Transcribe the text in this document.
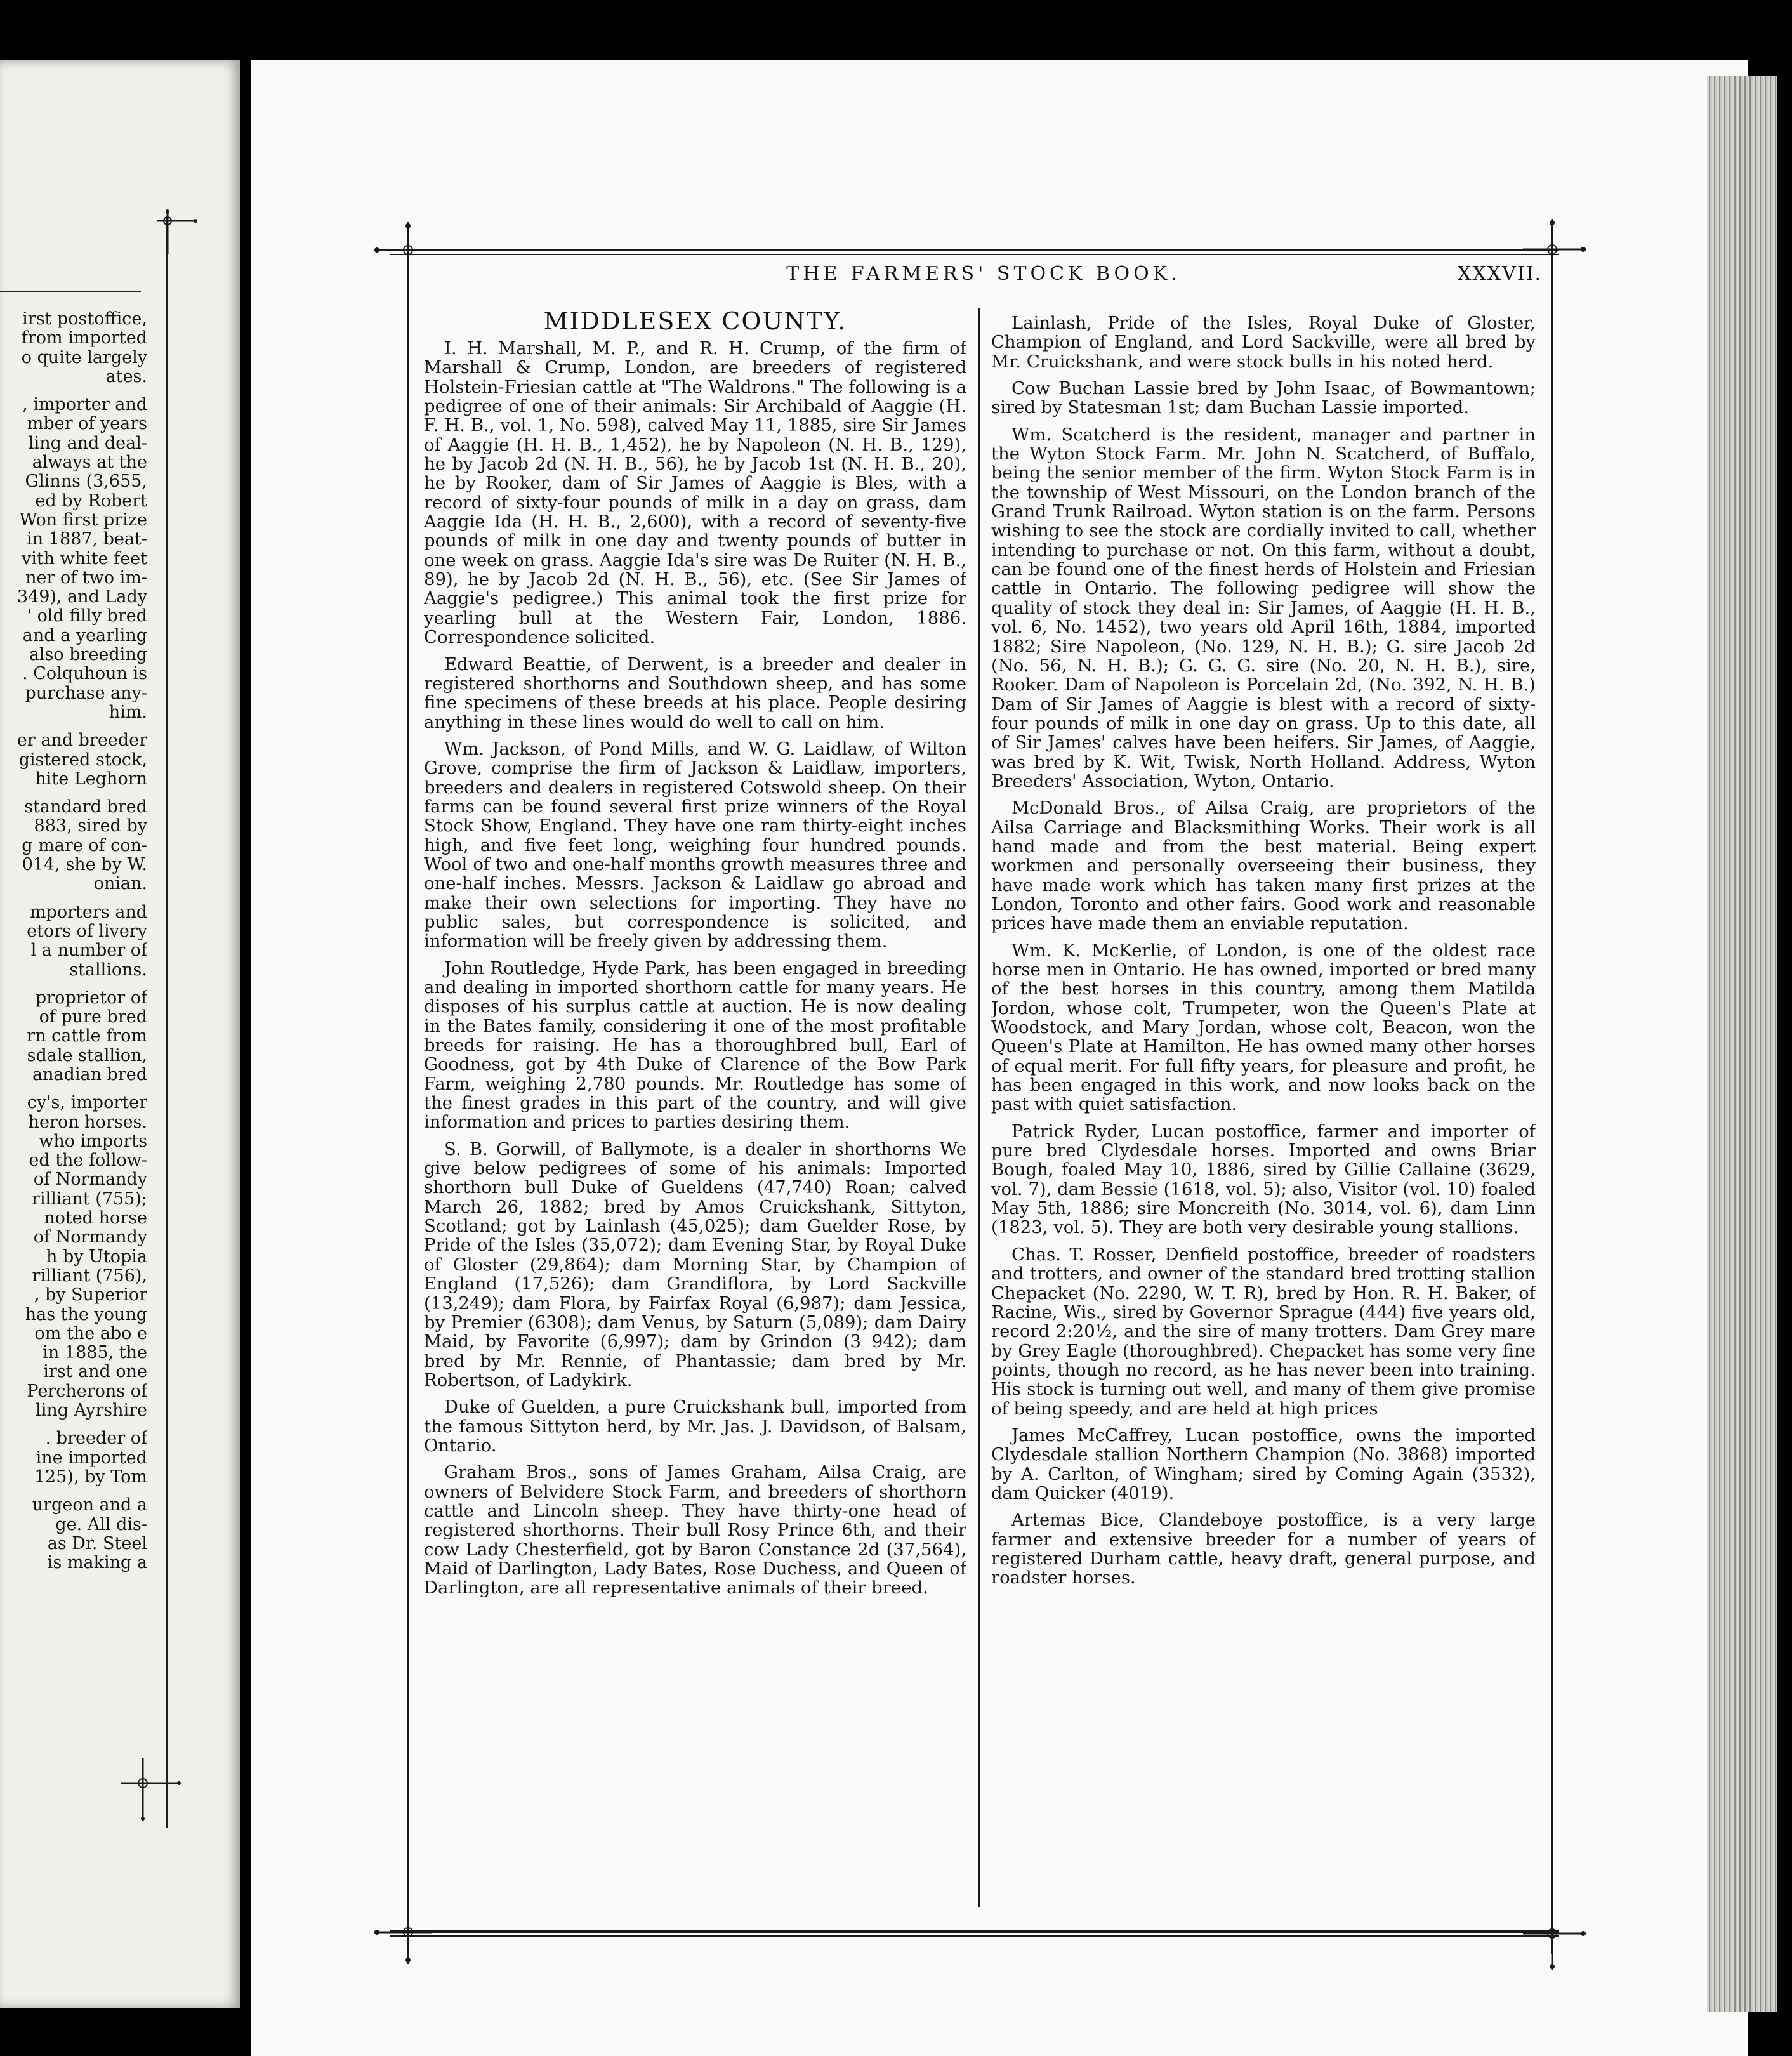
irst postoffice,
from imported
o quite largely
ates.
, importer and
mber of years
ling and deal-
always at the
Glinns (3,655,
ed by Robert
Won first prize
in 1887, beat-
vith white feet
ner of two im-
349), and Lady
' old filly bred
and a yearling
also breeding
. Colquhoun is
purchase any-
him.
er and breeder
gistered stock,
hite Leghorn
standard bred
883, sired by
g mare of con-
014, she by W.
onian.
mporters and
etors of livery
l a number of
stallions.
proprietor of
of pure bred
rn cattle from
sdale stallion,
anadian bred
cy's, importer
heron horses.
who imports
ed the follow-
of Normandy
rilliant (755);
noted horse
of Normandy
h by Utopia
rilliant (756),
, by Superior
has the young
om the abo e
in 1885, the
irst and one
Percherons of
ling Ayrshire
. breeder of
ine imported
125), by Tom
urgeon and a
ge. All dis-
as Dr. Steel
is making a
THE FARMERS' STOCK BOOK.	XXXVII.
MIDDLESEX COUNTY.

I. H. Marshall, M. P., and R. H. Crump, of the firm of Marshall & Crump, London, are breeders of registered Holstein-Friesian cattle at "The Waldrons." The following is a pedigree of one of their animals: Sir Archibald of Aaggie (H. F. H. B., vol. 1, No. 598), calved May 11, 1885, sire Sir James of Aaggie (H. H. B., 1,452), he by Napoleon (N. H. B., 129), he by Jacob 2d (N. H. B., 56), he by Jacob 1st (N. H. B., 20), he by Rooker, dam of Sir James of Aaggie is Bles, with a record of sixty-four pounds of milk in a day on grass, dam Aaggie Ida (H. H. B., 2,600), with a record of seventy-five pounds of milk in one day and twenty pounds of butter in one week on grass. Aaggie Ida's sire was De Ruiter (N. H. B., 89), he by Jacob 2d (N. H. B., 56), etc. (See Sir James of Aaggie's pedigree.) This animal took the first prize for yearling bull at the Western Fair, London, 1886. Correspondence solicited.

Edward Beattie, of Derwent, is a breeder and dealer in registered shorthorns and Southdown sheep, and has some fine specimens of these breeds at his place. People desiring anything in these lines would do well to call on him.

Wm. Jackson, of Pond Mills, and W. G. Laidlaw, of Wilton Grove, comprise the firm of Jackson & Laidlaw, importers, breeders and dealers in registered Cotswold sheep. On their farms can be found several first prize winners of the Royal Stock Show, England. They have one ram thirty-eight inches high, and five feet long, weighing four hundred pounds. Wool of two and one-half months growth measures three and one-half inches. Messrs. Jackson & Laidlaw go abroad and make their own selections for importing. They have no public sales, but correspondence is solicited, and information will be freely given by addressing them.

John Routledge, Hyde Park, has been engaged in breeding and dealing in imported shorthorn cattle for many years. He disposes of his surplus cattle at auction. He is now dealing in the Bates family, considering it one of the most profitable breeds for raising. He has a thoroughbred bull, Earl of Goodness, got by 4th Duke of Clarence of the Bow Park Farm, weighing 2,780 pounds. Mr. Routledge has some of the finest grades in this part of the country, and will give information and prices to parties desiring them.

S. B. Gorwill, of Ballymote, is a dealer in shorthorns We give below pedigrees of some of his animals: Imported shorthorn bull Duke of Gueldens (47,740) Roan; calved March 26, 1882; bred by Amos Cruickshank, Sittyton, Scotland; got by Lainlash (45,025); dam Guelder Rose, by Pride of the Isles (35,072); dam Evening Star, by Royal Duke of Gloster (29,864); dam Morning Star, by Champion of England (17,526); dam Grandiflora, by Lord Sackville (13,249); dam Flora, by Fairfax Royal (6,987); dam Jessica, by Premier (6308); dam Venus, by Saturn (5,089); dam Dairy Maid, by Favorite (6,997); dam by Grindon (3 942); dam bred by Mr. Rennie, of Phantassie; dam bred by Mr. Robertson, of Ladykirk.

Duke of Guelden, a pure Cruickshank bull, imported from the famous Sittyton herd, by Mr. Jas. J. Davidson, of Balsam, Ontario.

Graham Bros., sons of James Graham, Ailsa Craig, are owners of Belvidere Stock Farm, and breeders of shorthorn cattle and Lincoln sheep. They have thirty-one head of registered shorthorns. Their bull Rosy Prince 6th, and their cow Lady Chesterfield, got by Baron Constance 2d (37,564), Maid of Darlington, Lady Bates, Rose Duchess, and Queen of Darlington, are all representative animals of their breed.

Lainlash, Pride of the Isles, Royal Duke of Gloster, Champion of England, and Lord Sackville, were all bred by Mr. Cruickshank, and were stock bulls in his noted herd.

Cow Buchan Lassie bred by John Isaac, of Bowmantown; sired by Statesman 1st; dam Buchan Lassie imported.

Wm. Scatcherd is the resident, manager and partner in the Wyton Stock Farm. Mr. John N. Scatcherd, of Buffalo, being the senior member of the firm. Wyton Stock Farm is in the township of West Missouri, on the London branch of the Grand Trunk Railroad. Wyton station is on the farm. Persons wishing to see the stock are cordially invited to call, whether intending to purchase or not. On this farm, without a doubt, can be found one of the finest herds of Holstein and Friesian cattle in Ontario. The following pedigree will show the quality of stock they deal in: Sir James, of Aaggie (H. H. B., vol. 6, No. 1452), two years old April 16th, 1884, imported 1882; Sire Napoleon, (No. 129, N. H. B.); G. sire Jacob 2d (No. 56, N. H. B.); G. G. G. sire (No. 20, N. H. B.), sire, Rooker. Dam of Napoleon is Porcelain 2d, (No. 392, N. H. B.) Dam of Sir James of Aaggie is blest with a record of sixty-four pounds of milk in one day on grass. Up to this date, all of Sir James' calves have been heifers. Sir James, of Aaggie, was bred by K. Wit, Twisk, North Holland. Address, Wyton Breeders' Association, Wyton, Ontario.

McDonald Bros., of Ailsa Craig, are proprietors of the Ailsa Carriage and Blacksmithing Works. Their work is all hand made and from the best material. Being expert workmen and personally overseeing their business, they have made work which has taken many first prizes at the London, Toronto and other fairs. Good work and reasonable prices have made them an enviable reputation.

Wm. K. McKerlie, of London, is one of the oldest race horse men in Ontario. He has owned, imported or bred many of the best horses in this country, among them Matilda Jordon, whose colt, Trumpeter, won the Queen's Plate at Woodstock, and Mary Jordan, whose colt, Beacon, won the Queen's Plate at Hamilton. He has owned many other horses of equal merit. For full fifty years, for pleasure and profit, he has been engaged in this work, and now looks back on the past with quiet satisfaction.

Patrick Ryder, Lucan postoffice, farmer and importer of pure bred Clydesdale horses. Imported and owns Briar Bough, foaled May 10, 1886, sired by Gillie Callaine (3629, vol. 7), dam Bessie (1618, vol. 5); also, Visitor (vol. 10) foaled May 5th, 1886; sire Moncreith (No. 3014, vol. 6), dam Linn (1823, vol. 5). They are both very desirable young stallions.

Chas. T. Rosser, Denfield postoffice, breeder of roadsters and trotters, and owner of the standard bred trotting stallion Chepacket (No. 2290, W. T. R), bred by Hon. R. H. Baker, of Racine, Wis., sired by Governor Sprague (444) five years old, record 2:20½, and the sire of many trotters. Dam Grey mare by Grey Eagle (thoroughbred). Chepacket has some very fine points, though no record, as he has never been into training. His stock is turning out well, and many of them give promise of being speedy, and are held at high prices

James McCaffrey, Lucan postoffice, owns the imported Clydesdale stallion Northern Champion (No. 3868) imported by A. Carlton, of Wingham; sired by Coming Again (3532), dam Quicker (4019).

Artemas Bice, Clandeboye postoffice, is a very large farmer and extensive breeder for a number of years of registered Durham cattle, heavy draft, general purpose, and roadster horses.
